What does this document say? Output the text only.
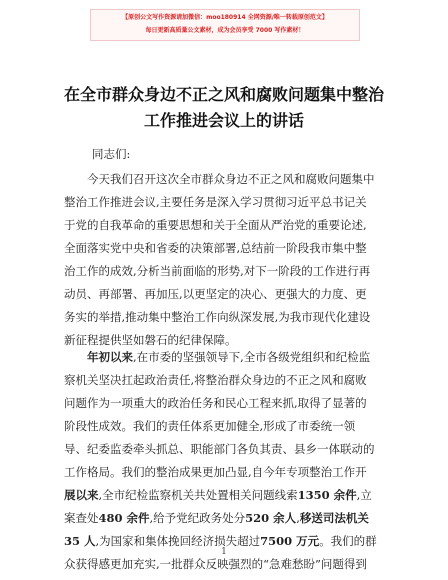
【原创公文写作资源请加微信：moo180914 全网资源/唯一转载原创范文】
每日更新高质量公文素材，成为会员享受 7000 写作素材！
在全市群众身边不正之风和腐败问题集中整治
工作推进会议上的讲话
同志们:
今天我们召开这次全市群众身边不正之风和腐败问题集中
整治工作推进会议,主要任务是深入学习贯彻习近平总书记关
于党的自我革命的重要思想和关于全面从严治党的重要论述,
全面落实党中央和省委的决策部署,总结前一阶段我市集中整
治工作的成效,分析当前面临的形势,对下一阶段的工作进行再
动员、再部署、再加压,以更坚定的决心、更强大的力度、更
务实的举措,推动集中整治工作向纵深发展,为我市现代化建设
新征程提供坚如磐石的纪律保障。
年初以来,在市委的坚强领导下,全市各级党组织和纪检监
察机关坚决扛起政治责任,将整治群众身边的不正之风和腐败
问题作为一项重大的政治任务和民心工程来抓,取得了显著的
阶段性成效。我们的责任体系更加健全,形成了市委统一领
导、纪委监委牵头抓总、职能部门各负其责、县乡一体联动的
工作格局。我们的整治成果更加凸显,自今年专项整治工作开
展以来,全市纪检监察机关共处置相关问题线索1350 余件,立
案查处480 余件,给予党纪政务处分520 余人,移送司法机关
35 人,为国家和集体挽回经济损失超过7500 万元。我们的群
众获得感更加充实,一批群众反映强烈的“急难愁盼”问题得到
1
